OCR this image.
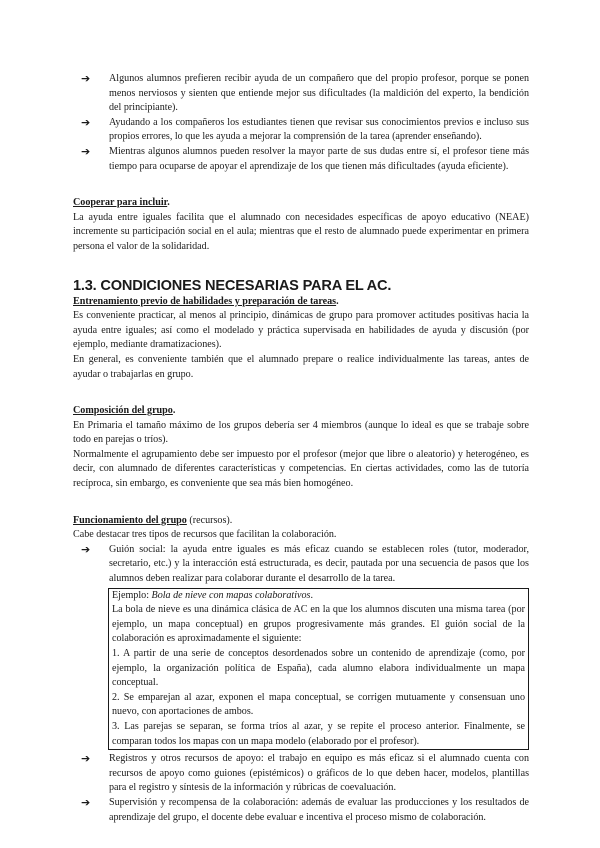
➔	Algunos alumnos prefieren recibir ayuda de un compañero que del propio profesor, porque se ponen menos nerviosos y sienten que entiende mejor sus dificultades (la maldición del experto, la bendición del principiante).
➔	Ayudando a los compañeros los estudiantes tienen que revisar sus conocimientos previos e incluso sus propios errores, lo que les ayuda a mejorar la comprensión de la tarea (aprender enseñando).
➔	Mientras algunos alumnos pueden resolver la mayor parte de sus dudas entre sí, el profesor tiene más tiempo para ocuparse de apoyar el aprendizaje de los que tienen más dificultades (ayuda eficiente).

Cooperar para incluir.

La ayuda entre iguales facilita que el alumnado con necesidades específicas de apoyo educativo (NEAE) incremente su participación social en el aula; mientras que el resto de alumnado puede experimentar en primera persona el valor de la solidaridad.

1.3. CONDICIONES NECESARIAS PARA EL AC.

Entrenamiento previo de habilidades y preparación de tareas.

Es conveniente practicar, al menos al principio, dinámicas de grupo para promover actitudes positivas hacia la ayuda entre iguales; así como el modelado y práctica supervisada en habilidades de ayuda y discusión (por ejemplo, mediante dramatizaciones).

En general, es conveniente también que el alumnado prepare o realice individualmente las tareas, antes de ayudar o trabajarlas en grupo.

Composición del grupo.

En Primaria el tamaño máximo de los grupos debería ser 4 miembros (aunque lo ideal es que se trabaje sobre todo en parejas o tríos).

Normalmente el agrupamiento debe ser impuesto por el profesor (mejor que libre o aleatorio) y heterogéneo, es decir, con alumnado de diferentes características y competencias. En ciertas actividades, como las de tutoría recíproca, sin embargo, es conveniente que sea más bien homogéneo.

Funcionamiento del grupo (recursos).

Cabe destacar tres tipos de recursos que facilitan la colaboración.

➔	Guión social: la ayuda entre iguales es más eficaz cuando se establecen roles (tutor, moderador, secretario, etc.) y la interacción está estructurada, es decir, pautada por una secuencia de pasos que los alumnos deben realizar para colaborar durante el desarrollo de la tarea.

Ejemplo: Bola de nieve con mapas colaborativos.

La bola de nieve es una dinámica clásica de AC en la que los alumnos discuten una misma tarea (por ejemplo, un mapa conceptual) en grupos progresivamente más grandes. El guión social de la colaboración es aproximadamente el siguiente:

1. A partir de una serie de conceptos desordenados sobre un contenido de aprendizaje (como, por ejemplo, la organización política de España), cada alumno elabora individualmente un mapa conceptual.

2. Se emparejan al azar, exponen el mapa conceptual, se corrigen mutuamente y consensuan uno nuevo, con aportaciones de ambos.

3. Las parejas se separan, se forma tríos al azar, y se repite el proceso anterior. Finalmente, se comparan todos los mapas con un mapa modelo (elaborado por el profesor).

➔	Registros y otros recursos de apoyo: el trabajo en equipo es más eficaz si el alumnado cuenta con recursos de apoyo como guiones (epistémicos) o gráficos de lo que deben hacer, modelos, plantillas para el registro y síntesis de la información y rúbricas de coevaluación.
➔	Supervisión y recompensa de la colaboración: además de evaluar las producciones y los resultados de aprendizaje del grupo, el docente debe evaluar e incentiva el proceso mismo de colaboración.
